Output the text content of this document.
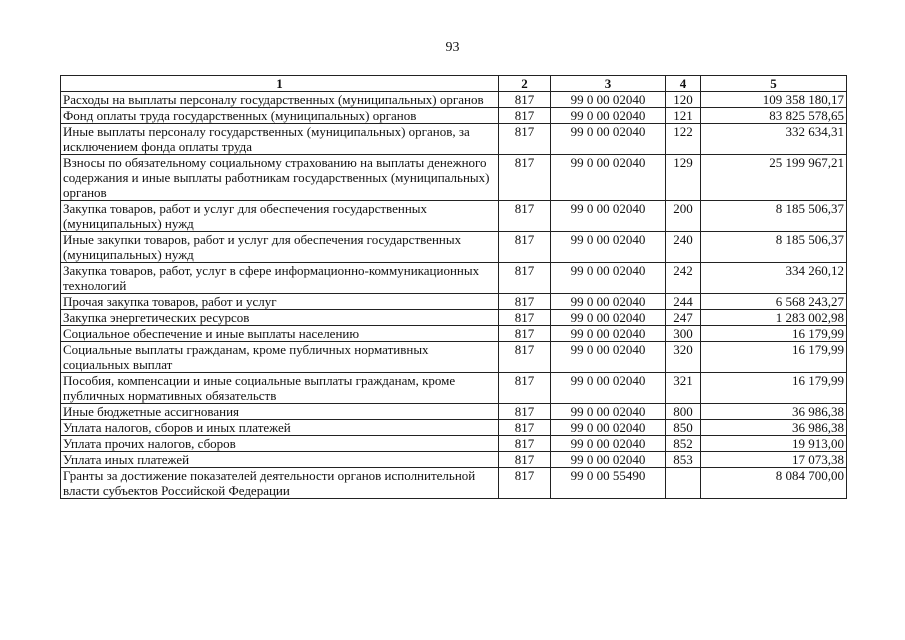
93
1	2	3	4	5
Расходы на выплаты персоналу государственных (муниципальных) органов	817	99 0 00 02040	120	109 358 180,17
Фонд оплаты труда государственных (муниципальных) органов	817	99 0 00 02040	121	83 825 578,65
Иные выплаты персоналу государственных (муниципальных) органов, за исключением фонда оплаты труда	817	99 0 00 02040	122	332 634,31
Взносы по обязательному социальному страхованию на выплаты денежного содержания и иные выплаты работникам государственных (муниципальных) органов	817	99 0 00 02040	129	25 199 967,21
Закупка товаров, работ и услуг для обеспечения государственных (муниципальных) нужд	817	99 0 00 02040	200	8 185 506,37
Иные закупки товаров, работ и услуг для обеспечения государственных (муниципальных) нужд	817	99 0 00 02040	240	8 185 506,37
Закупка товаров, работ, услуг в сфере информационно-коммуникационных технологий	817	99 0 00 02040	242	334 260,12
Прочая закупка товаров, работ и услуг	817	99 0 00 02040	244	6 568 243,27
Закупка энергетических ресурсов	817	99 0 00 02040	247	1 283 002,98
Социальное обеспечение и иные выплаты населению	817	99 0 00 02040	300	16 179,99
Социальные выплаты гражданам, кроме публичных нормативных социальных выплат	817	99 0 00 02040	320	16 179,99
Пособия, компенсации и иные социальные выплаты гражданам, кроме публичных нормативных обязательств	817	99 0 00 02040	321	16 179,99
Иные бюджетные ассигнования	817	99 0 00 02040	800	36 986,38
Уплата налогов, сборов и иных платежей	817	99 0 00 02040	850	36 986,38
Уплата прочих налогов, сборов	817	99 0 00 02040	852	19 913,00
Уплата иных платежей	817	99 0 00 02040	853	17 073,38
Гранты за достижение показателей деятельности органов исполнительной власти субъектов Российской Федерации	817	99 0 00 55490		8 084 700,00
